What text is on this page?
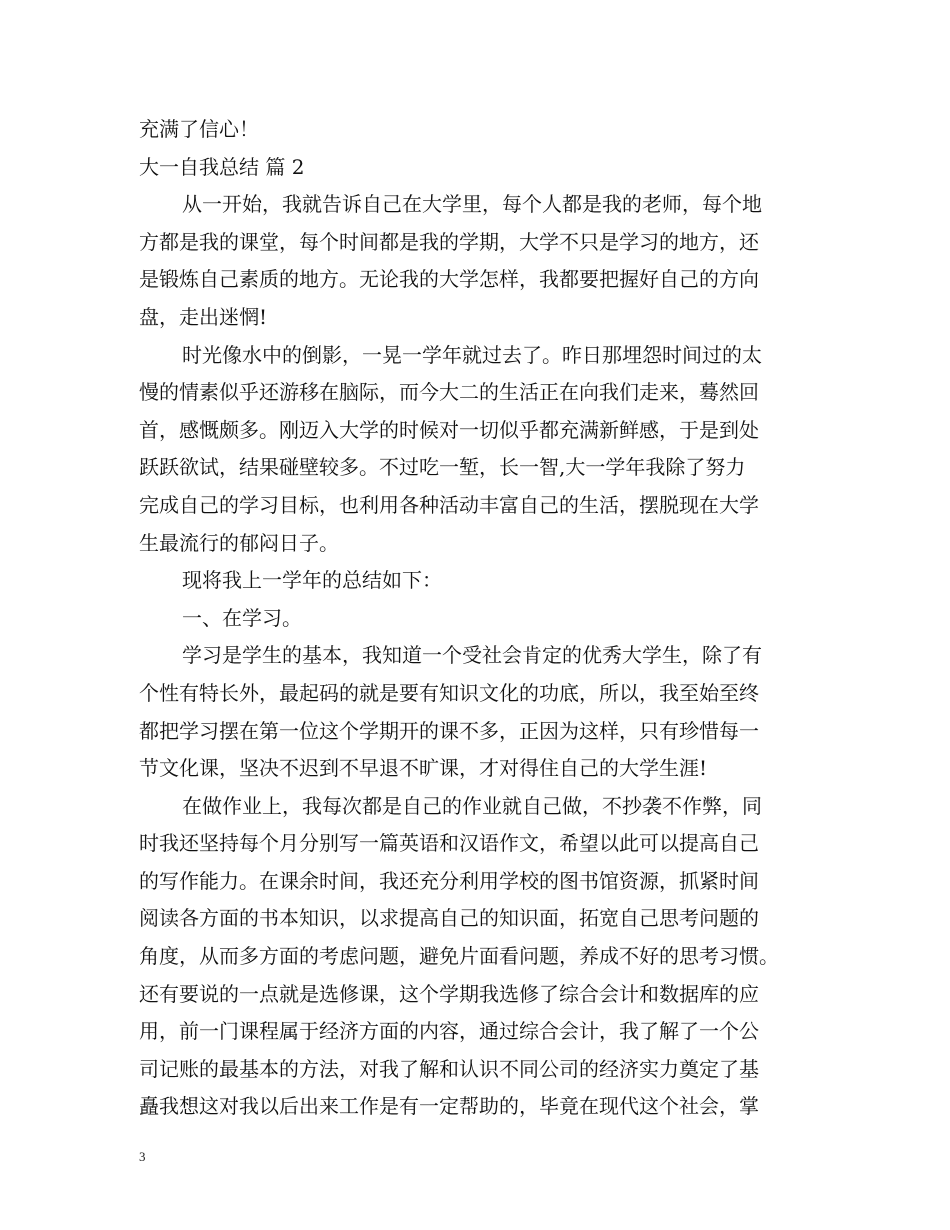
充满了信心！
大一自我总结 篇 2
从一开始，我就告诉自己在大学里，每个人都是我的老师，每个地
方都是我的课堂，每个时间都是我的学期，大学不只是学习的地方，还
是锻炼自己素质的地方。无论我的大学怎样，我都要把握好自己的方向
盘，走出迷惘!
时光像水中的倒影，一晃一学年就过去了。昨日那埋怨时间过的太
慢的情素似乎还游移在脑际，而今大二的生活正在向我们走来，蓦然回
首，感慨颇多。刚迈入大学的时候对一切似乎都充满新鲜感，于是到处
跃跃欲试，结果碰壁较多。不过吃一堑，长一智,大一学年我除了努力
完成自己的学习目标，也利用各种活动丰富自己的生活，摆脱现在大学
生最流行的郁闷日子。
现将我上一学年的总结如下：
一、在学习。
学习是学生的基本，我知道一个受社会肯定的优秀大学生，除了有
个性有特长外，最起码的就是要有知识文化的功底，所以，我至始至终
都把学习摆在第一位这个学期开的课不多，正因为这样，只有珍惜每一
节文化课，坚决不迟到不早退不旷课，才对得住自己的大学生涯!
在做作业上，我每次都是自己的作业就自己做，不抄袭不作弊，同
时我还坚持每个月分别写一篇英语和汉语作文，希望以此可以提高自己
的写作能力。在课余时间，我还充分利用学校的图书馆资源，抓紧时间
阅读各方面的书本知识，以求提高自己的知识面，拓宽自己思考问题的
角度，从而多方面的考虑问题，避免片面看问题，养成不好的思考习惯。
还有要说的一点就是选修课，这个学期我选修了综合会计和数据库的应
用，前一门课程属于经济方面的内容，通过综合会计，我了解了一个公
司记账的最基本的方法，对我了解和认识不同公司的经济实力奠定了基
矗我想这对我以后出来工作是有一定帮助的，毕竟在现代这个社会，掌
3
